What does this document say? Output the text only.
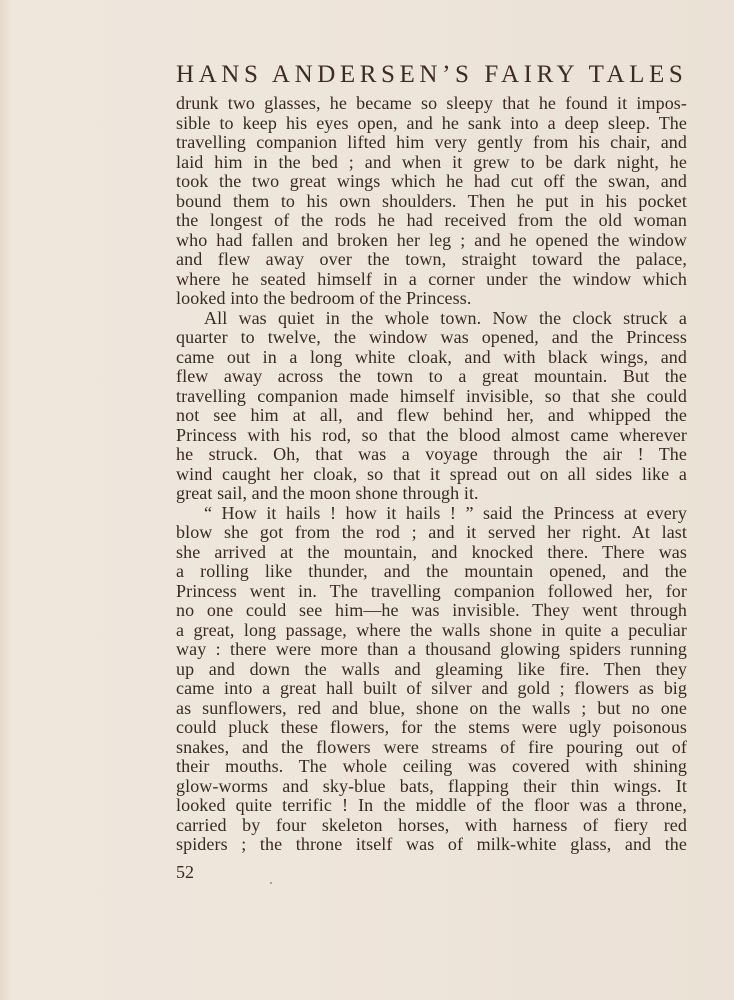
HANS ANDERSEN’S FAIRY TALES
drunk two glasses, he became so sleepy that he found it impos-
sible to keep his eyes open, and he sank into a deep sleep. The
travelling companion lifted him very gently from his chair, and
laid him in the bed ; and when it grew to be dark night, he
took the two great wings which he had cut off the swan, and
bound them to his own shoulders. Then he put in his pocket
the longest of the rods he had received from the old woman
who had fallen and broken her leg ; and he opened the window
and flew away over the town, straight toward the palace,
where he seated himself in a corner under the window which
looked into the bedroom of the Princess.
All was quiet in the whole town. Now the clock struck a
quarter to twelve, the window was opened, and the Princess
came out in a long white cloak, and with black wings, and
flew away across the town to a great mountain. But the
travelling companion made himself invisible, so that she could
not see him at all, and flew behind her, and whipped the
Princess with his rod, so that the blood almost came wherever
he struck. Oh, that was a voyage through the air ! The
wind caught her cloak, so that it spread out on all sides like a
great sail, and the moon shone through it.
“ How it hails ! how it hails ! ” said the Princess at every
blow she got from the rod ; and it served her right. At last
she arrived at the mountain, and knocked there. There was
a rolling like thunder, and the mountain opened, and the
Princess went in. The travelling companion followed her, for
no one could see him—he was invisible. They went through
a great, long passage, where the walls shone in quite a peculiar
way : there were more than a thousand glowing spiders running
up and down the walls and gleaming like fire. Then they
came into a great hall built of silver and gold ; flowers as big
as sunflowers, red and blue, shone on the walls ; but no one
could pluck these flowers, for the stems were ugly poisonous
snakes, and the flowers were streams of fire pouring out of
their mouths. The whole ceiling was covered with shining
glow-worms and sky-blue bats, flapping their thin wings. It
looked quite terrific ! In the middle of the floor was a throne,
carried by four skeleton horses, with harness of fiery red
spiders ; the throne itself was of milk-white glass, and the
52
